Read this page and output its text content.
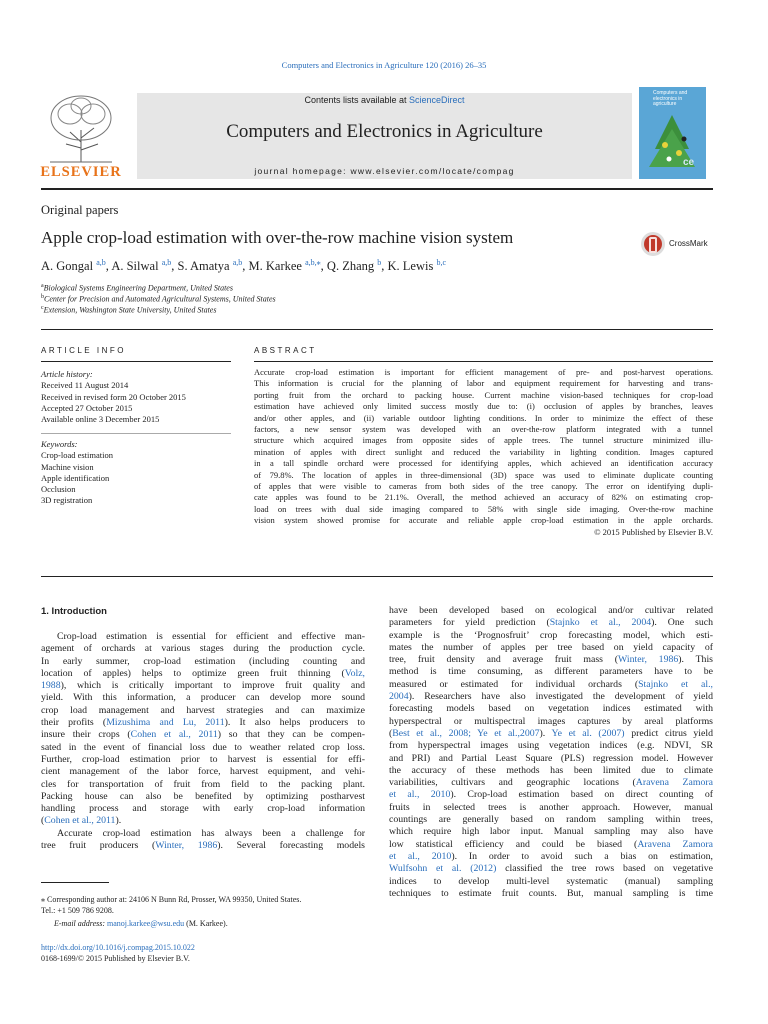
Computers and Electronics in Agriculture 120 (2016) 26–35
ELSEVIER
Contents lists available at ScienceDirect
Computers and Electronics in Agriculture
journal homepage: www.elsevier.com/locate/compag
Computers and electronics in agriculture
ce
Original papers
Apple crop-load estimation with over-the-row machine vision system	CrossMark
A. Gongal $^{a,b}$, A. Silwal $^{a,b}$, S. Amatya $^{a,b}$, M. Karkee $^{a,b,⁎}$, Q. Zhang $^b$, K. Lewis $^{b,c}$
$^a$Biological Systems Engineering Department, United States
$^b$Center for Precision and Automated Agricultural Systems, United States
$^c$Extension, Washington State University, United States
ARTICLE INFO
Article history:
Received 11 August 2014
Received in revised form 20 October 2015
Accepted 27 October 2015
Available online 3 December 2015
Keywords:
Crop-load estimation
Machine vision
Apple identification
Occlusion
3D registration
ABSTRACT
Accurate crop-load estimation is important for efficient management of pre- and post-harvest operations.
This information is crucial for the planning of labor and equipment requirement for harvesting and trans-
porting fruit from the orchard to packing house. Current machine vision-based techniques for crop-load
estimation have achieved only limited success mostly due to: (i) occlusion of apples by branches, leaves
and/or other apples, and (ii) variable outdoor lighting conditions. In order to minimize the effect of these
factors, a new sensor system was developed with an over-the-row platform integrated with a tunnel
structure which acquired images from opposite sides of apple trees. The tunnel structure minimized illu-
mination of apples with direct sunlight and reduced the variability in lighting condition. Images captured
in a tall spindle orchard were processed for identifying apples, which achieved an identification accuracy
of 79.8%. The location of apples in three-dimensional (3D) space was used to eliminate duplicate counting
of apples that were visible to cameras from both sides of the tree canopy. The error on identifying dupli-
cate apples was found to be 21.1%. Overall, the method achieved an accuracy of 82% on estimating crop-
load on trees with dual side imaging compared to 58% with single side imaging. Over-the-row machine
vision system showed promise for accurate and reliable apple crop-load estimation in the apple orchards.
© 2015 Published by Elsevier B.V.
1. Introduction
Crop-load estimation is essential for efficient and effective man-
agement of orchards at various stages during the production cycle.
In early summer, crop-load estimation (including counting and
location of apples) helps to optimize green fruit thinning (Volz,
1988), which is critically important to improve fruit quality and
yield. With this information, a producer can develop more sound
crop load management and harvest strategies and can maximize
their profits (Mizushima and Lu, 2011). It also helps producers to
insure their crops (Cohen et al., 2011) so that they can be compen-
sated in the event of financial loss due to weather related crop loss.
Further, crop-load estimation prior to harvest is essential for effi-
cient management of the labor force, harvest equipment, and vehi-
cles for transportation of fruit from field to the packing plant.
Packing house can also be benefited by optimizing postharvest
handling process and storage with early crop-load information
(Cohen et al., 2011).
Accurate crop-load estimation has always been a challenge for
tree fruit producers (Winter, 1986). Several forecasting models
have been developed based on ecological and/or cultivar related
parameters for yield prediction (Stajnko et al., 2004). One such
example is the ‘Prognosfruit’ crop forecasting model, which esti-
mates the number of apples per tree based on yield capacity of
tree, fruit density and average fruit mass (Winter, 1986). This
method is time consuming, as different parameters have to be
measured or estimated for individual orchards (Stajnko et al.,
2004). Researchers have also investigated the development of yield
forecasting models based on vegetation indices estimated with
hyperspectral or multispectral images captures by areal platforms
(Best et al., 2008; Ye et al.,2007). Ye et al. (2007) predict citrus yield
from hyperspectral images using vegetation indices (e.g. NDVI, SR
and PRI) and Partial Least Square (PLS) regression model. However
the accuracy of these methods has been limited due to climate
variabilities, cultivars and geographic locations (Aravena Zamora
et al., 2010). Crop-load estimation based on direct counting of
fruits in selected trees is another approach. However, manual
countings are generally based on random sampling within trees,
which require high labor input. Manual sampling may also have
low statistical efficiency and could be biased (Aravena Zamora
et al., 2010). In order to avoid such a bias on estimation,
Wulfsohn et al. (2012) classified the tree rows based on vegetative
indices to develop multi-level systematic (manual) sampling
techniques to estimate fruit counts. But, manual sampling is time
⁎ Corresponding author at: 24106 N Bunn Rd, Prosser, WA 99350, United States.
Tel.: +1 509 786 9208.
E-mail address: manoj.karkee@wsu.edu (M. Karkee).
http://dx.doi.org/10.1016/j.compag.2015.10.022
0168-1699/© 2015 Published by Elsevier B.V.
